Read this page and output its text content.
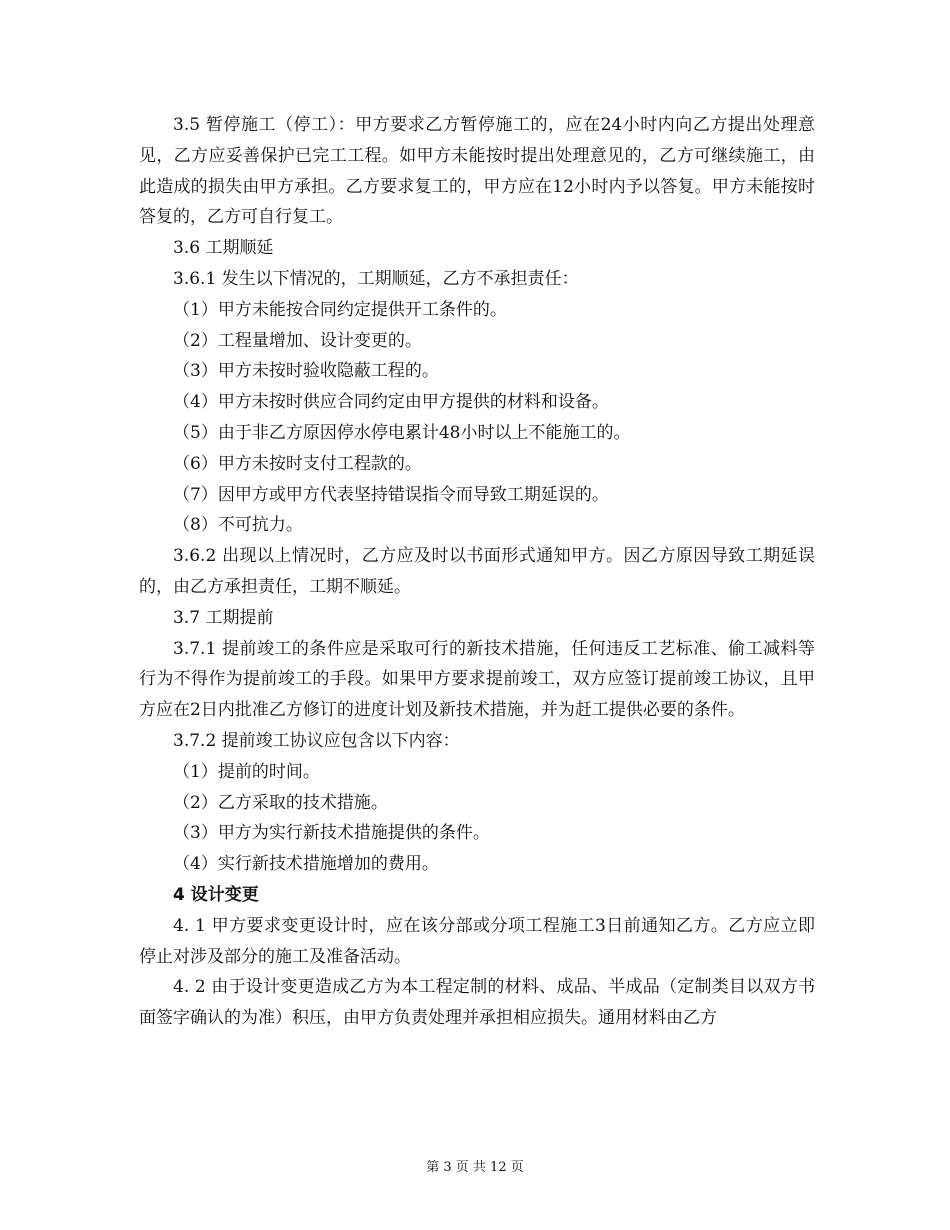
3.5 暂停施工（停工）：甲方要求乙方暂停施工的，应在24小时内向乙方提出处理意见，乙方应妥善保护已完工工程。如甲方未能按时提出处理意见的，乙方可继续施工，由此造成的损失由甲方承担。乙方要求复工的，甲方应在12小时内予以答复。甲方未能按时答复的，乙方可自行复工。

3.6 工期顺延

3.6.1 发生以下情况的，工期顺延，乙方不承担责任：

（1）甲方未能按合同约定提供开工条件的。

（2）工程量增加、设计变更的。

（3）甲方未按时验收隐蔽工程的。

（4）甲方未按时供应合同约定由甲方提供的材料和设备。

（5）由于非乙方原因停水停电累计48小时以上不能施工的。

（6）甲方未按时支付工程款的。

（7）因甲方或甲方代表坚持错误指令而导致工期延误的。

（8）不可抗力。

3.6.2 出现以上情况时，乙方应及时以书面形式通知甲方。因乙方原因导致工期延误的，由乙方承担责任，工期不顺延。

3.7 工期提前

3.7.1 提前竣工的条件应是采取可行的新技术措施，任何违反工艺标准、偷工减料等行为不得作为提前竣工的手段。如果甲方要求提前竣工，双方应签订提前竣工协议，且甲方应在2日内批准乙方修订的进度计划及新技术措施，并为赶工提供必要的条件。

3.7.2 提前竣工协议应包含以下内容：

（1）提前的时间。

（2）乙方采取的技术措施。

（3）甲方为实行新技术措施提供的条件。

（4）实行新技术措施增加的费用。

4 设计变更

4. 1 甲方要求变更设计时，应在该分部或分项工程施工3日前通知乙方。乙方应立即停止对涉及部分的施工及准备活动。

4. 2 由于设计变更造成乙方为本工程定制的材料、成品、半成品（定制类目以双方书面签字确认的为准）积压，由甲方负责处理并承担相应损失。通用材料由乙方

第 3 页 共 12 页
